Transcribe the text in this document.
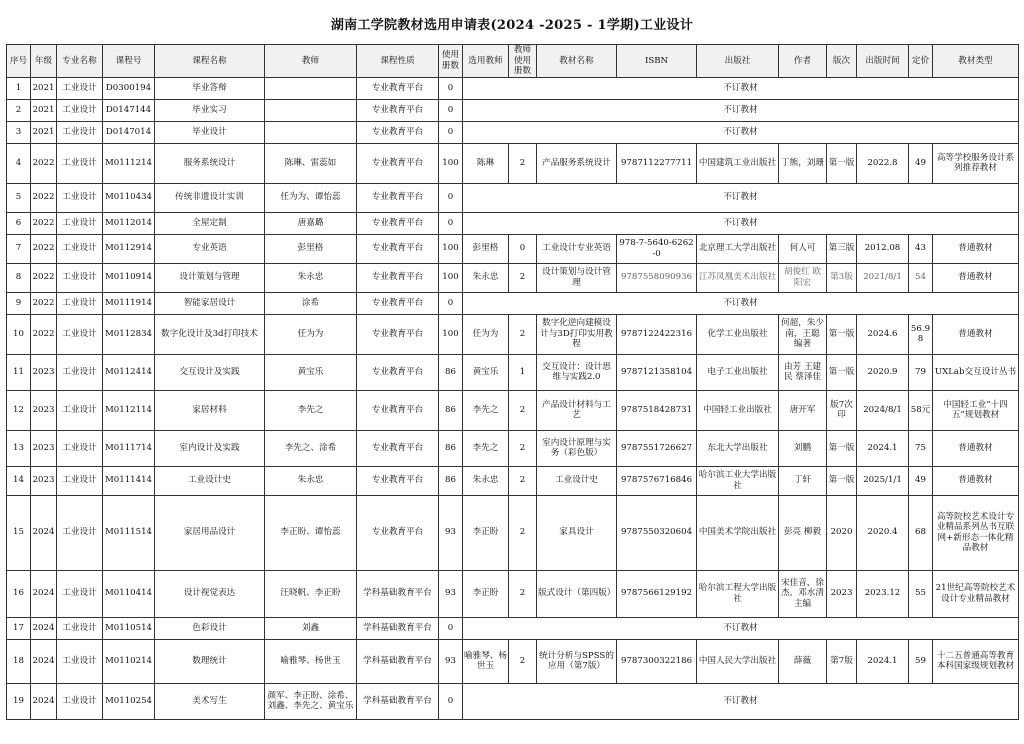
湖南工学院教材选用申请表(2024 -2025 - 1学期)工业设计
序号	年级	专业名称	课程号	课程名称	教师	课程性质	使用册数	选用教师	教师使用册数	教材名称	ISBN	出版社	作者	版次	出版时间	定价	教材类型
1	2021	工业设计	D0300194	毕业答辩		专业教育平台	0	不订教材									
2	2021	工业设计	D0147144	毕业实习		专业教育平台	0	不订教材									
3	2021	工业设计	D0147014	毕业设计		专业教育平台	0	不订教材									
4	2022	工业设计	M0111214	服务系统设计	陈琳、雷蕊如	专业教育平台	100	陈琳	2	产品服务系统设计	9787112277711	中国建筑工业出版社	丁熊，刘珊	第一版	2022.8	49	高等学校服务设计系列推荐教材
5	2022	工业设计	M0110434	传统非遗设计实训	任为为、谭怡蕊	专业教育平台	0	不订教材									
6	2022	工业设计	M0112014	全屋定制	唐嘉璐	专业教育平台	0	不订教材									
7	2022	工业设计	M0112914	专业英语	彭里格	专业教育平台	100	彭里格	0	工业设计专业英语	978-7-5640-6262-0	北京理工大学出版社	何人可	第三版	2012.08	43	普通教材
8	2022	工业设计	M0110914	设计策划与管理	朱永忠	专业教育平台	100	朱永忠	2	设计策划与设计管理	9787558090936	江苏凤凰美术出版社	胡俊红 欧阳宏	第3版	2021/8/1	54	普通教材
9	2022	工业设计	M0111914	智能家居设计	涂希	专业教育平台	0	不订教材									
10	2022	工业设计	M0112834	数字化设计及3d打印技术	任为为	专业教育平台	100	任为为	2	数字化逆向建模设计与3D打印实用教程	9787122422316	化学工业出版社	何超，朱少南，王聪 编著	第一版	2024.6	56.98	普通教材
11	2023	工业设计	M0112414	交互设计及实践	黄宝乐	专业教育平台	86	黄宝乐	1	交互设计：设计思维与实践2.0	9787121358104	电子工业出版社	由芳 王建民 蔡泽佳	第一版	2020.9	79	UXLab交互设计丛书
12	2023	工业设计	M0112114	家居材料	李先之	专业教育平台	86	李先之	2	产品设计材料与工艺	9787518428731	中国轻工业出版社	唐开军	版7次印	2024/8/1	58元	中国轻工业“十四五”规划教材
13	2023	工业设计	M0111714	室内设计及实践	李先之、涂希	专业教育平台	86	李先之	2	室内设计原理与实务（彩色版）	9787551726627	东北大学出版社	刘鹏	第一版	2024.1	75	普通教材
14	2023	工业设计	M0111414	工业设计史	朱永忠	专业教育平台	86	朱永忠	2	工业设计史	9787576716846	哈尔滨工业大学出版社	丁轩	第一版	2025/1/1	49	普通教材
15	2024	工业设计	M0111514	家居用品设计	李正盼、谭怡蕊	专业教育平台	93	李正盼	2	家具设计	9787550320604	中国美术学院出版社	彭亮 柳毅	2020	2020.4	68	高等院校艺术设计专业精品系列丛书互联网+新形态一体化精品教材
16	2024	工业设计	M0110414	设计视觉表达	汪晓帆、李正盼	学科基础教育平台	93	李正盼	2	版式设计（第四版）	9787566129192	哈尔滨工程大学出版社	宋佳音，徐杰，邓水清主编	2023	2023.12	55	21世纪高等院校艺术设计专业精品教材
17	2024	工业设计	M0110514	色彩设计	刘鑫	学科基础教育平台	0	不订教材									
18	2024	工业设计	M0110214	数理统计	喻雅琴、杨世玉	学科基础教育平台	93	喻雅琴、杨世玉	2	统计分析与SPSS的应用（第7版）	9787300322186	中国人民大学出版社	薛薇	第7版	2024.1	59	十二五普通高等教育本科国家级规划教材
19	2024	工业设计	M0110254	美术写生	颜军、李正盼、涂希、刘鑫、李先之、黄宝乐	学科基础教育平台	0	不订教材									
